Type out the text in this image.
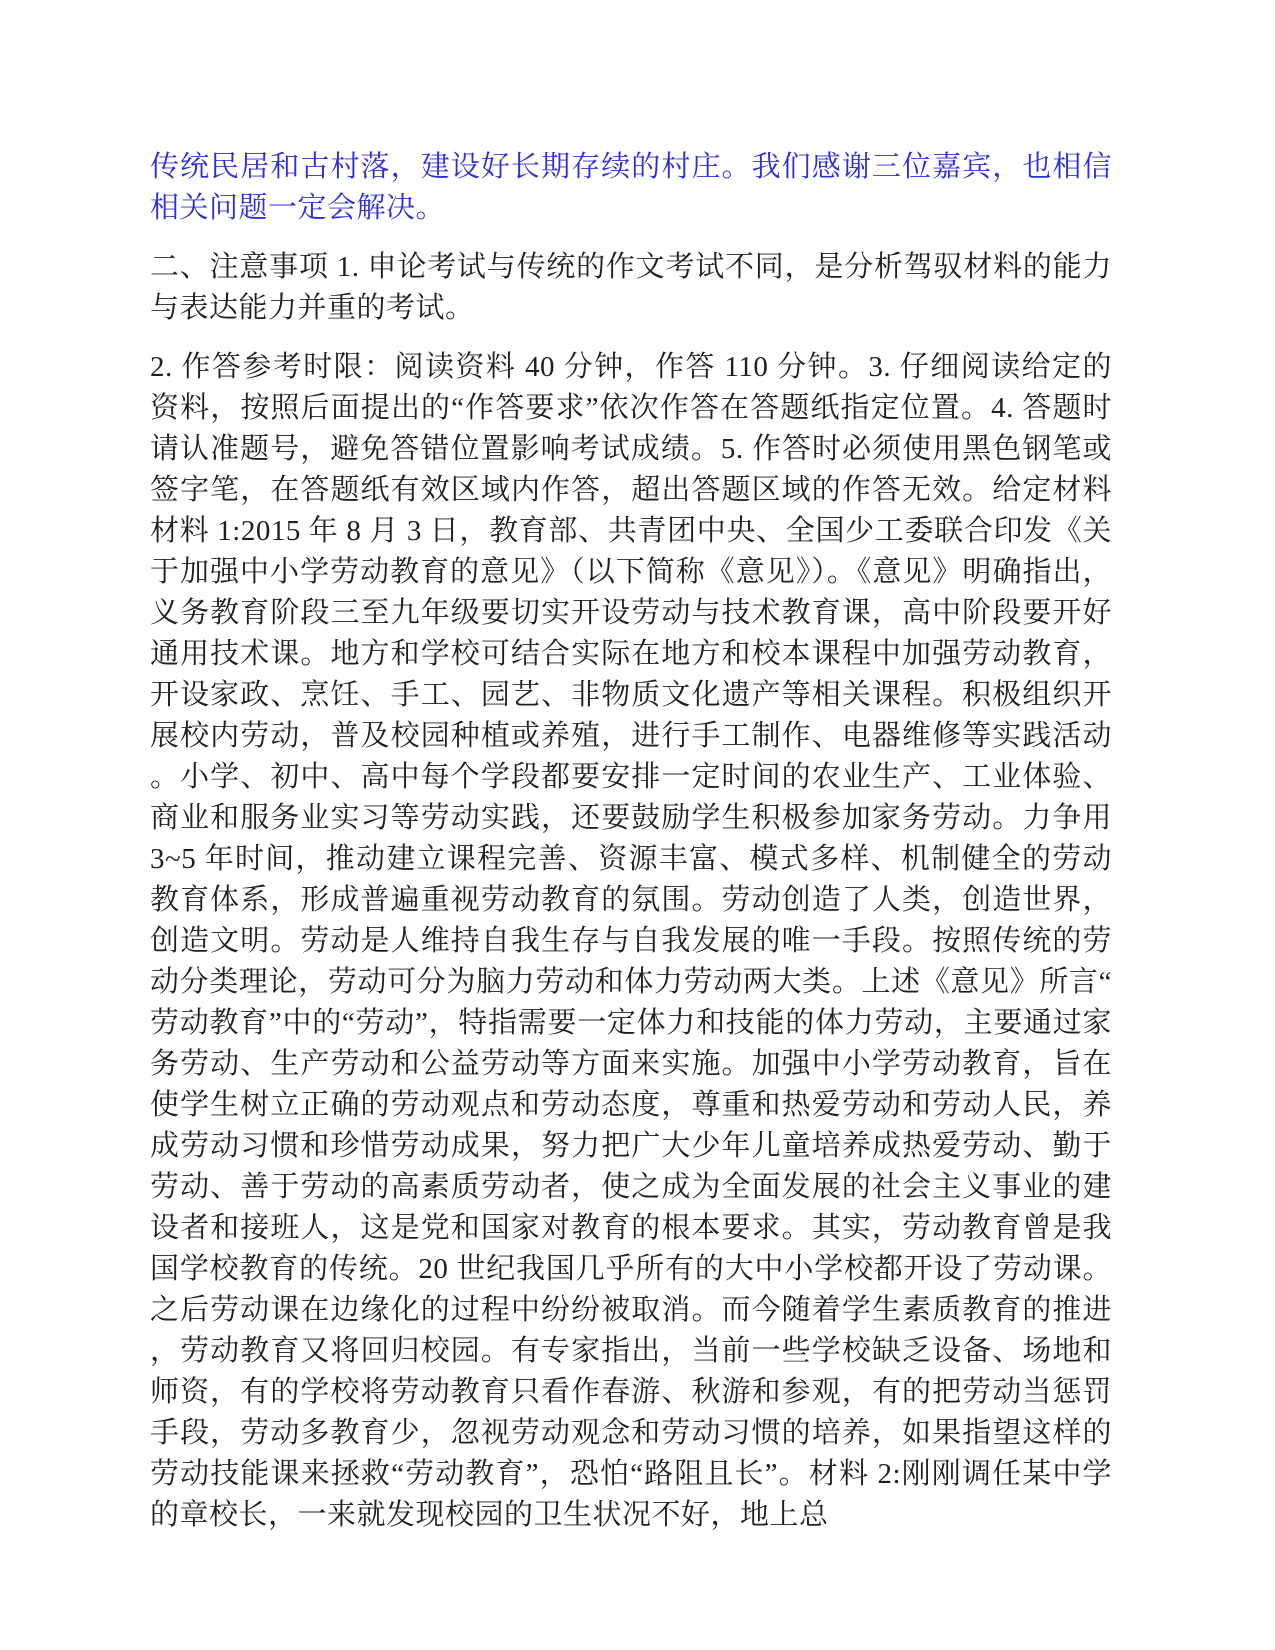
传统民居和古村落，建设好长期存续的村庄。我们感谢三位嘉宾，也相信相关问题一定会解决。

二、注意事项 1. 申论考试与传统的作文考试不同，是分析驾驭材料的能力与表达能力并重的考试。

2. 作答参考时限：阅读资料 40 分钟，作答 110 分钟。3. 仔细阅读给定的资料，按照后面提出的“作答要求”依次作答在答题纸指定位置。4. 答题时请认准题号，避免答错位置影响考试成绩。5. 作答时必须使用黑色钢笔或签字笔，在答题纸有效区域内作答，超出答题区域的作答无效。给定材料材料 1:2015 年 8 月 3 日，教育部、共青团中央、全国少工委联合印发《关于加强中小学劳动教育的意见》（以下简称《意见》）。《意见》明确指出，义务教育阶段三至九年级要切实开设劳动与技术教育课，高中阶段要开好通用技术课。地方和学校可结合实际在地方和校本课程中加强劳动教育，开设家政、烹饪、手工、园艺、非物质文化遗产等相关课程。积极组织开展校内劳动，普及校园种植或养殖，进行手工制作、电器维修等实践活动。小学、初中、高中每个学段都要安排一定时间的农业生产、工业体验、商业和服务业实习等劳动实践，还要鼓励学生积极参加家务劳动。力争用 3~5 年时间，推动建立课程完善、资源丰富、模式多样、机制健全的劳动教育体系，形成普遍重视劳动教育的氛围。劳动创造了人类，创造世界，创造文明。劳动是人维持自我生存与自我发展的唯一手段。按照传统的劳动分类理论，劳动可分为脑力劳动和体力劳动两大类。上述《意见》所言“劳动教育”中的“劳动”，特指需要一定体力和技能的体力劳动，主要通过家务劳动、生产劳动和公益劳动等方面来实施。加强中小学劳动教育，旨在使学生树立正确的劳动观点和劳动态度，尊重和热爱劳动和劳动人民，养成劳动习惯和珍惜劳动成果，努力把广大少年儿童培养成热爱劳动、勤于劳动、善于劳动的高素质劳动者，使之成为全面发展的社会主义事业的建设者和接班人，这是党和国家对教育的根本要求。其实，劳动教育曾是我国学校教育的传统。20 世纪我国几乎所有的大中小学校都开设了劳动课。之后劳动课在边缘化的过程中纷纷被取消。而今随着学生素质教育的推进，劳动教育又将回归校园。有专家指出，当前一些学校缺乏设备、场地和师资，有的学校将劳动教育只看作春游、秋游和参观，有的把劳动当惩罚手段，劳动多教育少，忽视劳动观念和劳动习惯的培养，如果指望这样的劳动技能课来拯救“劳动教育”，恐怕“路阻且长”。材料 2:刚刚调任某中学的章校长，一来就发现校园的卫生状况不好，地上总
